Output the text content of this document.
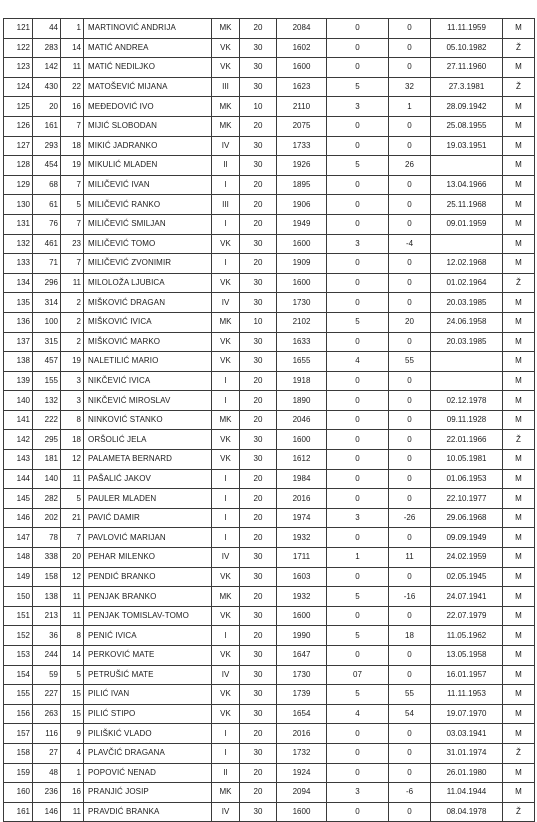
121	44	1	MARTINOVIĆ ANDRIJA	MK	20	2084	0	0	11.11.1959	M
122	283	14	MATIĆ ANDREA	VK	30	1602	0	0	05.10.1982	Ž
123	142	11	MATIĆ NEDILJKO	VK	30	1600	0	0	27.11.1960	M
124	430	22	MATOŠEVIĆ MIJANA	III	30	1623	5	32	27.3.1981	Ž
125	20	16	MEĐEDOVIĆ IVO	MK	10	2110	3	1	28.09.1942	M
126	161	7	MIJIĆ SLOBODAN	MK	20	2075	0	0	25.08.1955	M
127	293	18	MIKIĆ JADRANKO	IV	30	1733	0	0	19.03.1951	M
128	454	19	MIKULIĆ MLADEN	II	30	1926	5	26		M
129	68	7	MILIČEVIĆ IVAN	I	20	1895	0	0	13.04.1966	M
130	61	5	MILIČEVIĆ RANKO	III	20	1906	0	0	25.11.1968	M
131	76	7	MILIČEVIĆ SMILJAN	I	20	1949	0	0	09.01.1959	M
132	461	23	MILIČEVIĆ TOMO	VK	30	1600	3	-4		M
133	71	7	MILIČEVIĆ ZVONIMIR	I	20	1909	0	0	12.02.1968	M
134	296	11	MILOLOŽA LJUBICA	VK	30	1600	0	0	01.02.1964	Ž
135	314	2	MIŠKOVIĆ DRAGAN	IV	30	1730	0	0	20.03.1985	M
136	100	2	MIŠKOVIĆ IVICA	MK	10	2102	5	20	24.06.1958	M
137	315	2	MIŠKOVIĆ MARKO	VK	30	1633	0	0	20.03.1985	M
138	457	19	NALETILIĆ MARIO	VK	30	1655	4	55		M
139	155	3	NIKČEVIĆ IVICA	I	20	1918	0	0		M
140	132	3	NIKČEVIĆ MIROSLAV	I	20	1890	0	0	02.12.1978	M
141	222	8	NINKOVIĆ STANKO	MK	20	2046	0	0	09.11.1928	M
142	295	18	ORŠOLIĆ JELA	VK	30	1600	0	0	22.01.1966	Ž
143	181	12	PALAMETA BERNARD	VK	30	1612	0	0	10.05.1981	M
144	140	11	PAŠALIĆ JAKOV	I	20	1984	0	0	01.06.1953	M
145	282	5	PAULER MLADEN	I	20	2016	0	0	22.10.1977	M
146	202	21	PAVIĆ DAMIR	I	20	1974	3	-26	29.06.1968	M
147	78	7	PAVLOVIĆ MARIJAN	I	20	1932	0	0	09.09.1949	M
148	338	20	PEHAR MILENKO	IV	30	1711	1	11	24.02.1959	M
149	158	12	PENDIĆ BRANKO	VK	30	1603	0	0	02.05.1945	M
150	138	11	PENJAK BRANKO	MK	20	1932	5	-16	24.07.1941	M
151	213	11	PENJAK TOMISLAV-TOMO	VK	30	1600	0	0	22.07.1979	M
152	36	8	PENIĆ IVICA	I	20	1990	5	18	11.05.1962	M
153	244	14	PERKOVIĆ MATE	VK	30	1647	0	0	13.05.1958	M
154	59	5	PETRUŠIĆ MATE	IV	30	1730	07	0	16.01.1957	M
155	227	15	PILIĆ IVAN	VK	30	1739	5	55	11.11.1953	M
156	263	15	PILIĆ STIPO	VK	30	1654	4	54	19.07.1970	M
157	116	9	PILIŠKIĆ VLADO	I	20	2016	0	0	03.03.1941	M
158	27	4	PLAVČIĆ DRAGANA	I	30	1732	0	0	31.01.1974	Ž
159	48	1	POPOVIĆ NENAD	II	20	1924	0	0	26.01.1980	M
160	236	16	PRANJIĆ JOSIP	MK	20	2094	3	-6	11.04.1944	M
161	146	11	PRAVDIĆ BRANKA	IV	30	1600	0	0	08.04.1978	Ž
